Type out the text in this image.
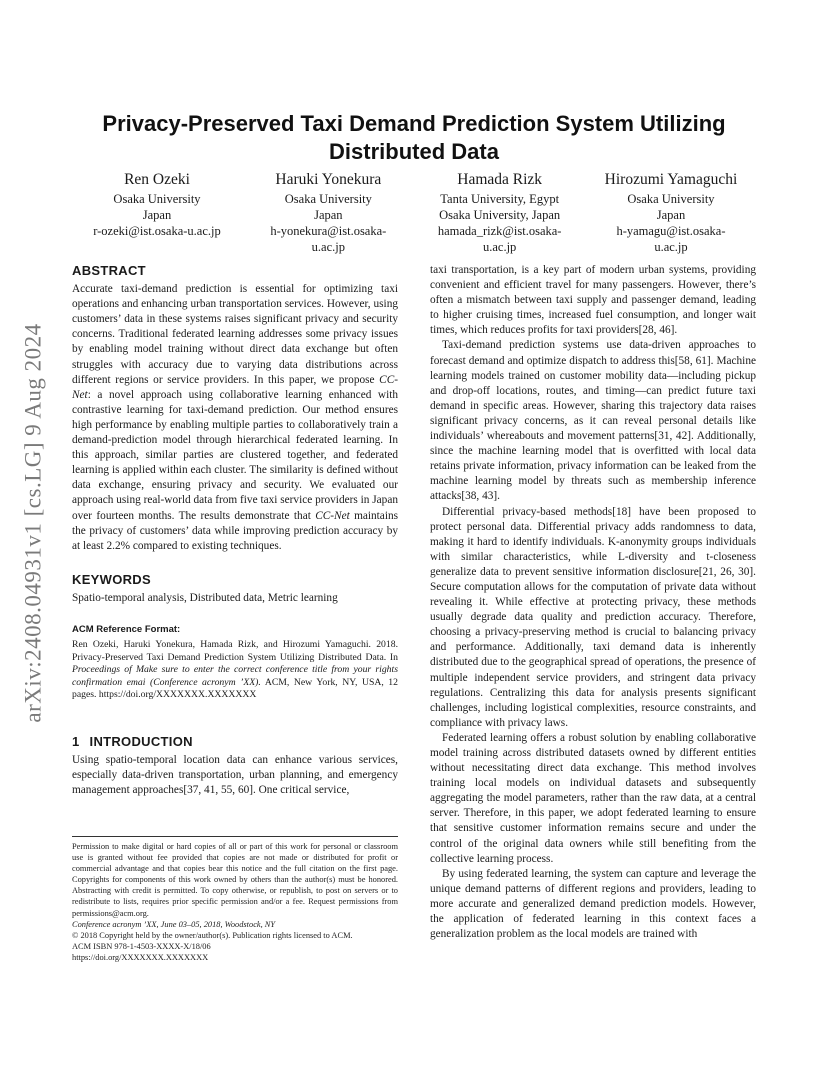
arXiv:2408.04931v1 [cs.LG] 9 Aug 2024
Privacy-Preserved Taxi Demand Prediction System Utilizing Distributed Data
Ren Ozeki
Osaka University
Japan
r-ozeki@ist.osaka-u.ac.jp
Haruki Yonekura
Osaka University
Japan
h-yonekura@ist.osaka-
u.ac.jp
Hamada Rizk
Tanta University, Egypt
Osaka University, Japan
hamada_rizk@ist.osaka-
u.ac.jp
Hirozumi Yamaguchi
Osaka University
Japan
h-yamagu@ist.osaka-
u.ac.jp
ABSTRACT

Accurate taxi-demand prediction is essential for optimizing taxi operations and enhancing urban transportation services. However, using customers’ data in these systems raises significant privacy and security concerns. Traditional federated learning addresses some privacy issues by enabling model training without direct data exchange but often struggles with accuracy due to varying data distributions across different regions or service providers. In this paper, we propose CC-Net: a novel approach using collaborative learning enhanced with contrastive learning for taxi-demand prediction. Our method ensures high performance by enabling multiple parties to collaboratively train a demand-prediction model through hierarchical federated learning. In this approach, similar parties are clustered together, and federated learning is applied within each cluster. The similarity is defined without data exchange, ensuring privacy and security. We evaluated our approach using real-world data from five taxi service providers in Japan over fourteen months. The results demonstrate that CC-Net maintains the privacy of customers’ data while improving prediction accuracy by at least 2.2% compared to existing techniques.

KEYWORDS

Spatio-temporal analysis, Distributed data, Metric learning

ACM Reference Format:

Ren Ozeki, Haruki Yonekura, Hamada Rizk, and Hirozumi Yamaguchi. 2018. Privacy-Preserved Taxi Demand Prediction System Utilizing Distributed Data. In Proceedings of Make sure to enter the correct conference title from your rights confirmation emai (Conference acronym ’XX). ACM, New York, NY, USA, 12 pages. https://doi.org/XXXXXXX.XXXXXXX

1 INTRODUCTION

Using spatio-temporal location data can enhance various services, especially data-driven transportation, urban planning, and emergency management approaches[37, 41, 55, 60]. One critical service,

Permission to make digital or hard copies of all or part of this work for personal or classroom use is granted without fee provided that copies are not made or distributed for profit or commercial advantage and that copies bear this notice and the full citation on the first page. Copyrights for components of this work owned by others than the author(s) must be honored. Abstracting with credit is permitted. To copy otherwise, or republish, to post on servers or to redistribute to lists, requires prior specific permission and/or a fee. Request permissions from permissions@acm.org.

Conference acronym ’XX, June 03–05, 2018, Woodstock, NY

© 2018 Copyright held by the owner/author(s). Publication rights licensed to ACM.

ACM ISBN 978-1-4503-XXXX-X/18/06

https://doi.org/XXXXXXX.XXXXXXX

taxi transportation, is a key part of modern urban systems, providing convenient and efficient travel for many passengers. However, there’s often a mismatch between taxi supply and passenger demand, leading to higher cruising times, increased fuel consumption, and longer wait times, which reduces profits for taxi providers[28, 46].

Taxi-demand prediction systems use data-driven approaches to forecast demand and optimize dispatch to address this[58, 61]. Machine learning models trained on customer mobility data—including pickup and drop-off locations, routes, and timing—can predict future taxi demand in specific areas. However, sharing this trajectory data raises significant privacy concerns, as it can reveal personal details like individuals’ whereabouts and movement patterns[31, 42]. Additionally, since the machine learning model that is overfitted with local data retains private information, privacy information can be leaked from the machine learning model by threats such as membership inference attacks[38, 43].

Differential privacy-based methods[18] have been proposed to protect personal data. Differential privacy adds randomness to data, making it hard to identify individuals. K-anonymity groups individuals with similar characteristics, while L-diversity and t-closeness generalize data to prevent sensitive information disclosure[21, 26, 30]. Secure computation allows for the computation of private data without revealing it. While effective at protecting privacy, these methods usually degrade data quality and prediction accuracy. Therefore, choosing a privacy-preserving method is crucial to balancing privacy and performance. Additionally, taxi demand data is inherently distributed due to the geographical spread of operations, the presence of multiple independent service providers, and stringent data privacy regulations. Centralizing this data for analysis presents significant challenges, including logistical complexities, resource constraints, and compliance with privacy laws.

Federated learning offers a robust solution by enabling collaborative model training across distributed datasets owned by different entities without necessitating direct data exchange. This method involves training local models on individual datasets and subsequently aggregating the model parameters, rather than the raw data, at a central server. Therefore, in this paper, we adopt federated learning to ensure that sensitive customer information remains secure and under the control of the original data owners while still benefiting from the collective learning process.

By using federated learning, the system can capture and leverage the unique demand patterns of different regions and providers, leading to more accurate and generalized demand prediction models. However, the application of federated learning in this context faces a generalization problem as the local models are trained with
